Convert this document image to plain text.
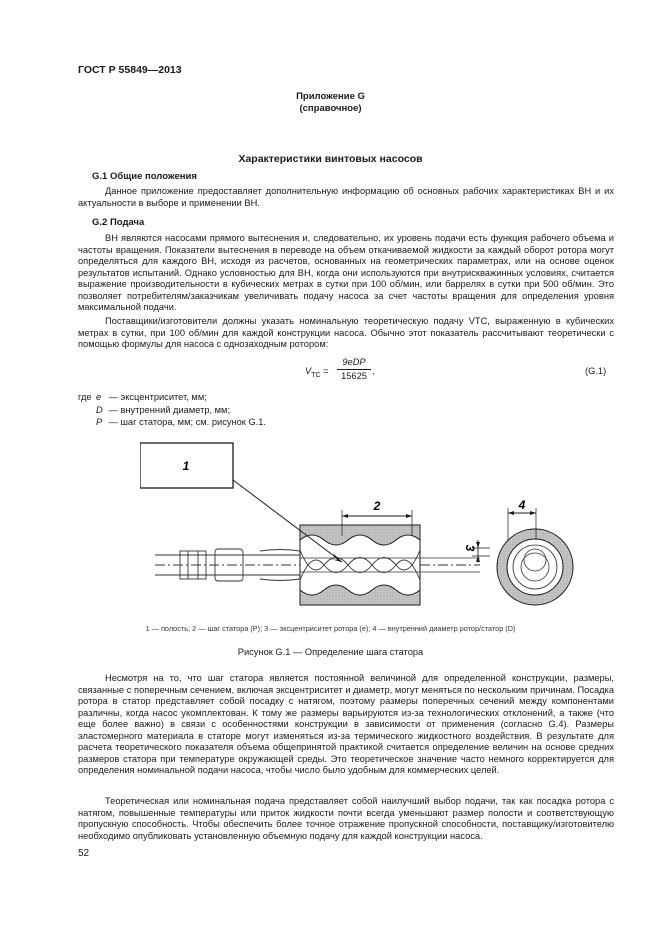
ГОСТ Р 55849—2013
Приложение G
(справочное)
Характеристики винтовых насосов
G.1 Общие положения

Данное приложение предоставляет дополнительную информацию об основных рабочих характеристиках ВН и их актуальности в выборе и применении ВН.

G.2 Подача

ВН являются насосами прямого вытеснения и, следовательно, их уровень подачи есть функция рабочего объема и частоты вращения. Показатели вытеснения в переводе на объем откачиваемой жидкости за каждый оборот ротора могут определяться для каждого ВН, исходя из расчетов, основанных на геометрических параметрах, или на основе оценок результатов испытаний. Однако условностью для ВН, когда они используются при внутрискважинных условиях, считается выражение производительности в кубических метрах в сутки при 100 об/мин, или баррелях в сутки при 500 об/мин. Это позволяет потребителям/заказчикам увеличивать подачу насоса за счет частоты вращения для определения уровня максимальной подачи.

Поставщики/изготовители должны указать номинальную теоретическую подачу VTC, выраженную в кубических метрах в сутки, при 100 об/мин для каждой конструкции насоса. Обычно этот показатель рассчитывают теоретически с помощью формулы для насоса с однозаходным ротором:

$V_{TC}$ =
9eDP
15625 ,	(G.1)
где e — эксцентриситет, мм;
D — внутренний диаметр, мм;
P — шаг статора, мм; см. рисунок G.1.
1
2	4
3
1 — полость; 2 — шаг статора (P); 3 — эксцентриситет ротора (e); 4 — внутренний диаметр ротор/статор (D)
Рисунок G.1 — Определение шага статора

Несмотря на то, что шаг статора является постоянной величиной для определенной конструкции, размеры, связанные с поперечным сечением, включая эксцентриситет и диаметр, могут меняться по нескольким причинам. Посадка ротора в статор представляет собой посадку с натягом, поэтому размеры поперечных сечений между компонентами различны, когда насос укомплектован. К тому же размеры варьируются из-за технологических отклонений, а также (что еще более важно) в связи с особенностями конструкции в зависимости от применения (согласно G.4). Размеры эластомерного материала в статоре могут изменяться из-за термического жидкостного воздействия. В результате для расчета теоретического показателя объема общепринятой практикой считается определение величин на основе средних размеров статора при температуре окружающей среды. Это теоретическое значение часто немного корректируется для определения номинальной подачи насоса, чтобы число было удобным для коммерческих целей.

Теоретическая или номинальная подача представляет собой наилучший выбор подачи, так как посадка ротора с натягом, повышенные температуры или приток жидкости почти всегда уменьшают размер полости и соответствующую пропускную способность. Чтобы обеспечить более точное отражение пропускной способности, поставщику/изготовителю необходимо опубликовать установленную объемную подачу для каждой конструкции насоса.

52
